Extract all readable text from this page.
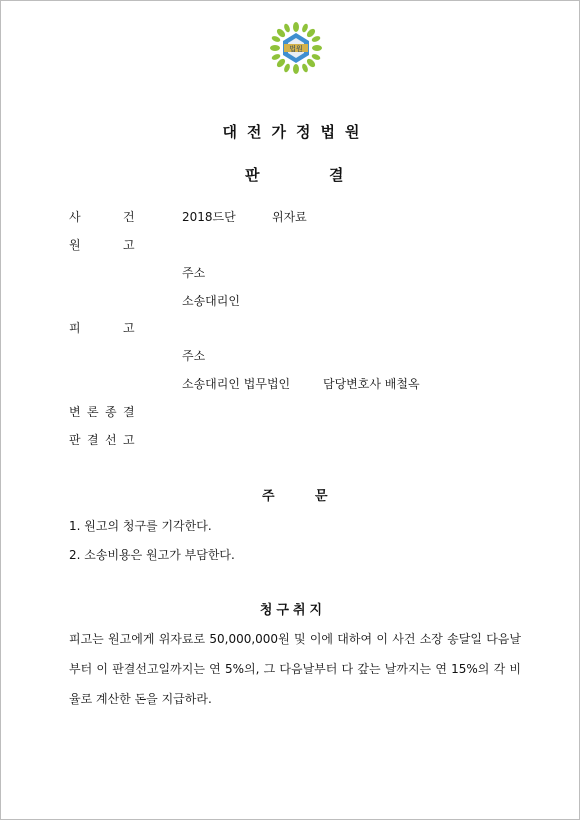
법원
대전가정법원
판	결
사	건	2018드단	위자료
원	고
주소
소송대리인
피	고
주소
소송대리인 법무법인	담당변호사 배철옥
변 론 종 결
판 결 선 고
주	문
1. 원고의 청구를 기각한다.
2. 소송비용은 원고가 부담한다.
청구취지
피고는 원고에게 위자료로 50,000,000원 및 이에 대하여 이 사건 소장 송달일 다음날
부터 이 판결선고일까지는 연 5%의, 그 다음날부터 다 갚는 날까지는 연 15%의 각 비
율로 계산한 돈을 지급하라.
